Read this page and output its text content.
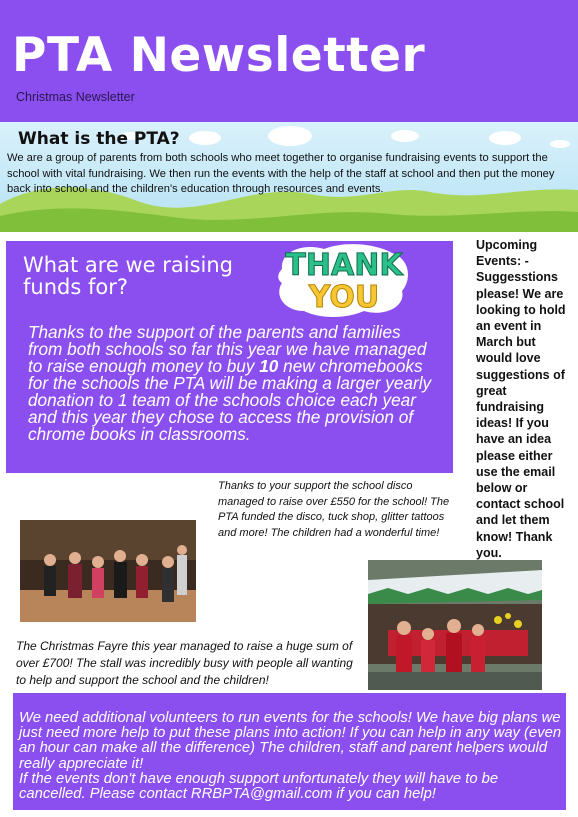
PTA Newsletter
Christmas Newsletter
What is the PTA?
We are a group of parents from both schools who meet together to organise fundraising events to support the school with vital fundraising. We then run the events with the help of the staff at school and then put the money back into school and the children's education through resources and events.
What are we raising funds for?
Thanks to the support of the parents and families from both schools so far this year we have managed to raise enough money to buy 10 new chromebooks for the schools the PTA will be making a larger yearly donation to 1 team of the schools choice each year and this year they chose to access the provision of chrome books in classrooms.
THANK
YOU
Upcoming Events: -Suggesstions please! We are looking to hold an event in March but would love suggestions of great fundraising ideas! If you have an idea please either use the email below or contact school and let them know! Thank you.
Thanks to your support the school disco managed to raise over £550 for the school! The PTA funded the disco, tuck shop, glitter tattoos and more! The children had a wonderful time!
The Christmas Fayre this year managed to raise a huge sum of over £700! The stall was incredibly busy with people all wanting to help and support the school and the children!
We need additional volunteers to run events for the schools! We have big plans we just need more help to put these plans into action! If you can help in any way (even an hour can make all the difference) The children, staff and parent helpers would really appreciate it!
If the events don't have enough support unfortunately they will have to be cancelled. Please contact RRBPTA@gmail.com if you can help!
